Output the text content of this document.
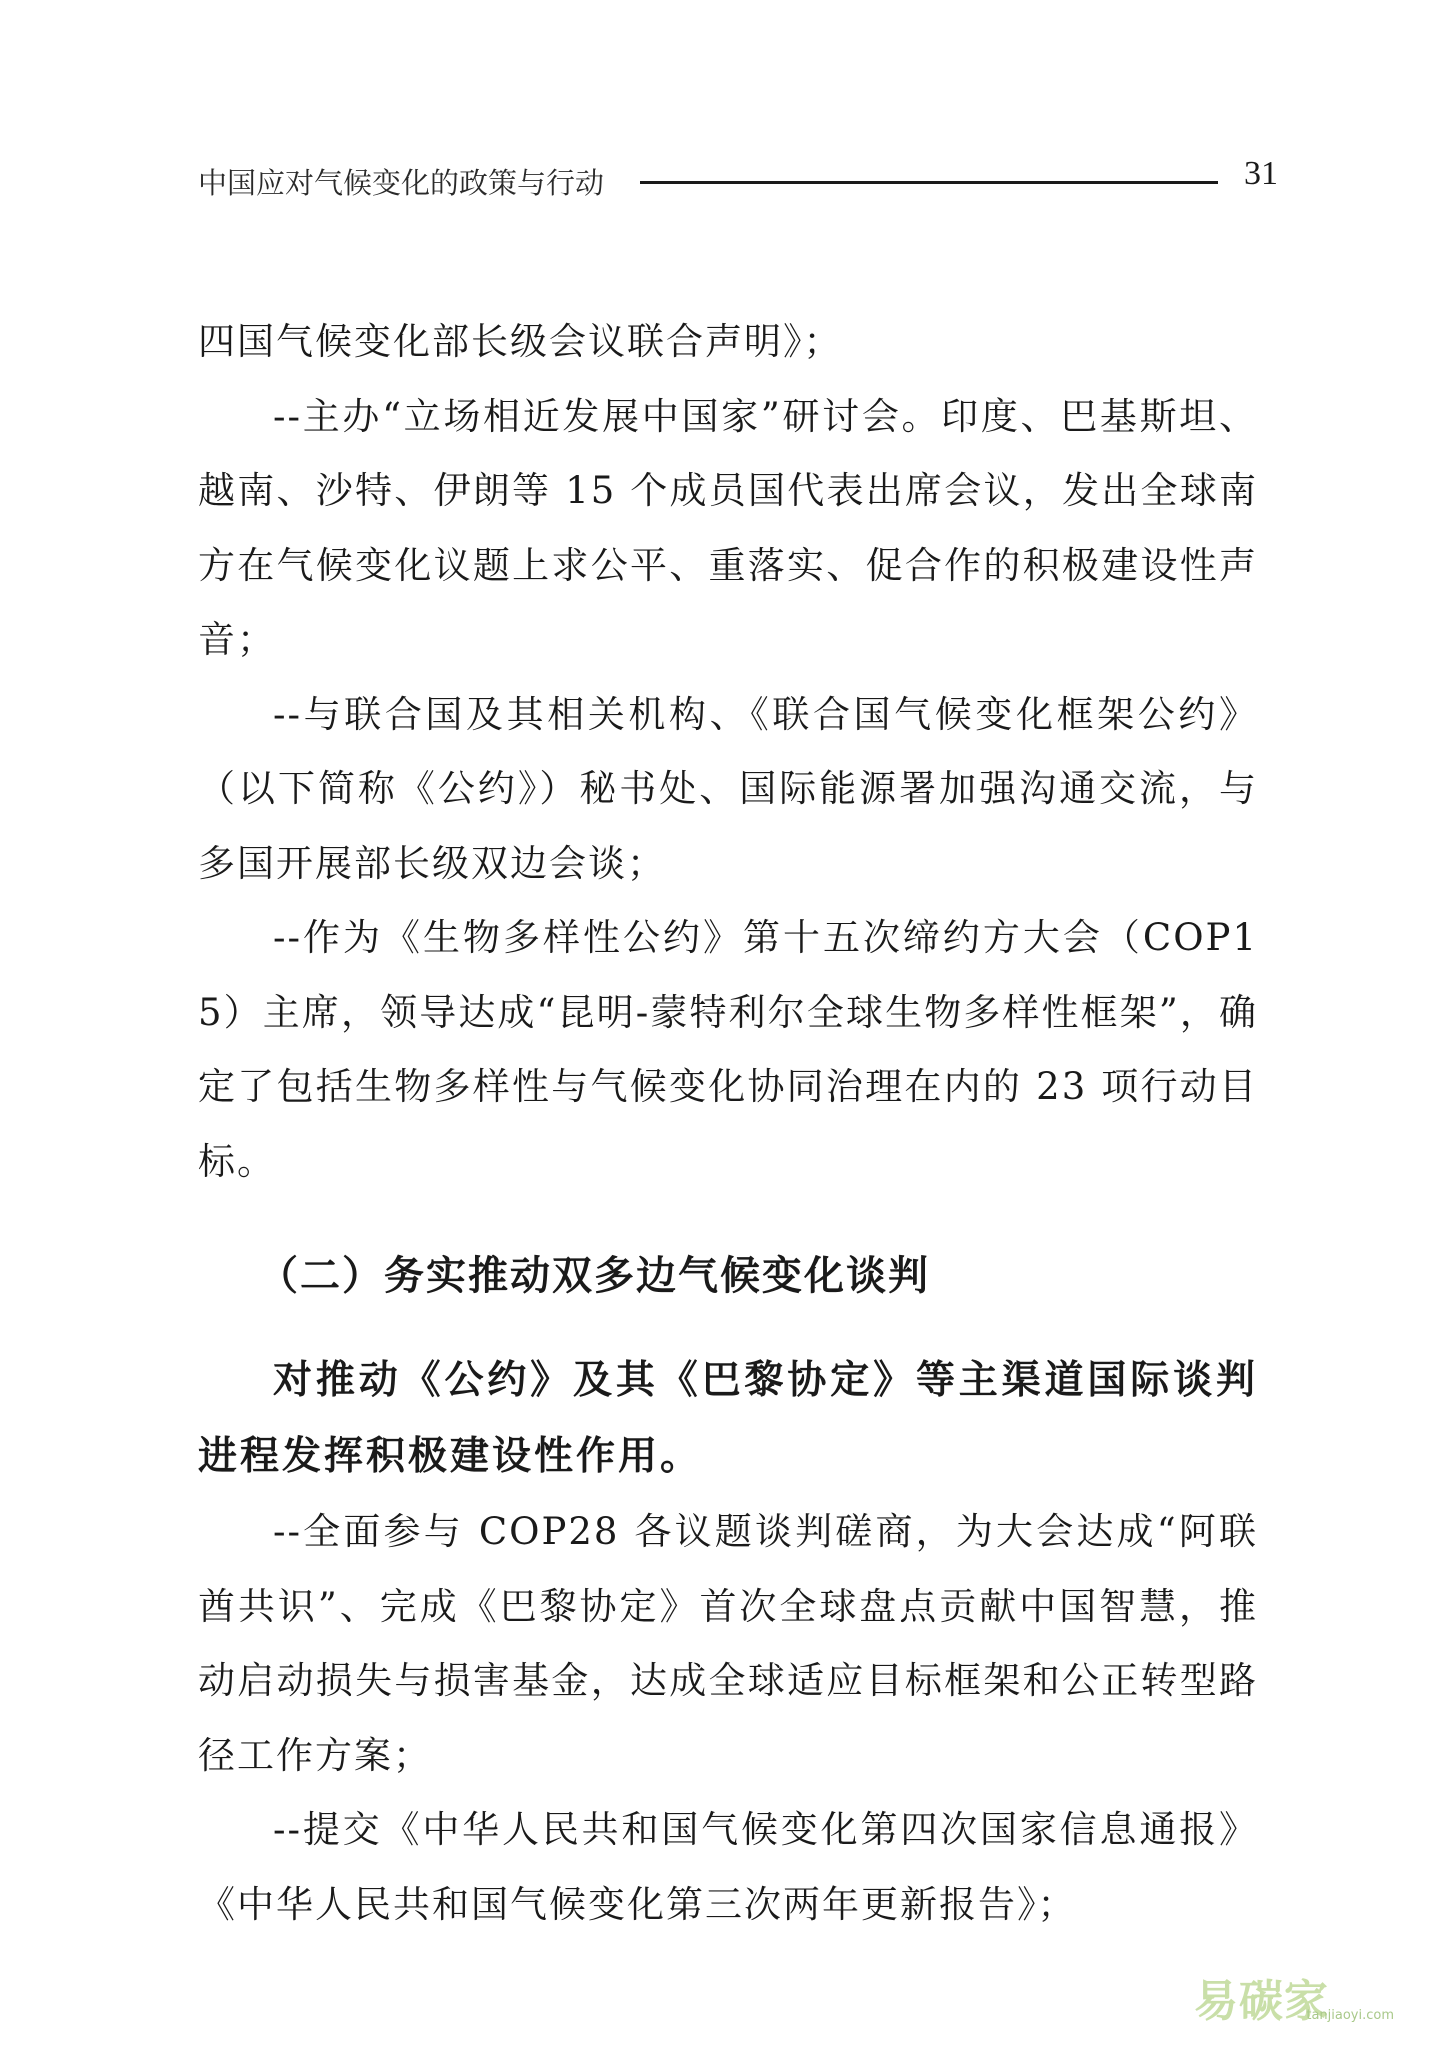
中国应对气候变化的政策与行动	31

四国气候变化部长级会议联合声明》；

--主办“立场相近发展中国家”研讨会。印度、巴基斯坦、越南、沙特、伊朗等 15 个成员国代表出席会议，发出全球南方在气候变化议题上求公平、重落实、促合作的积极建设性声音；

--与联合国及其相关机构、《联合国气候变化框架公约》（以下简称《公约》）秘书处、国际能源署加强沟通交流，与多国开展部长级双边会谈；

--作为《生物多样性公约》第十五次缔约方大会（COP15）主席，领导达成“昆明-蒙特利尔全球生物多样性框架”，确定了包括生物多样性与气候变化协同治理在内的 23 项行动目标。

（二）务实推动双多边气候变化谈判

对推动《公约》及其《巴黎协定》等主渠道国际谈判进程发挥积极建设性作用。

--全面参与 COP28 各议题谈判磋商，为大会达成“阿联酋共识”、完成《巴黎协定》首次全球盘点贡献中国智慧，推动启动损失与损害基金，达成全球适应目标框架和公正转型路径工作方案；

--提交《中华人民共和国气候变化第四次国家信息通报》《中华人民共和国气候变化第三次两年更新报告》；

易碳家
tanjiaoyi.com
